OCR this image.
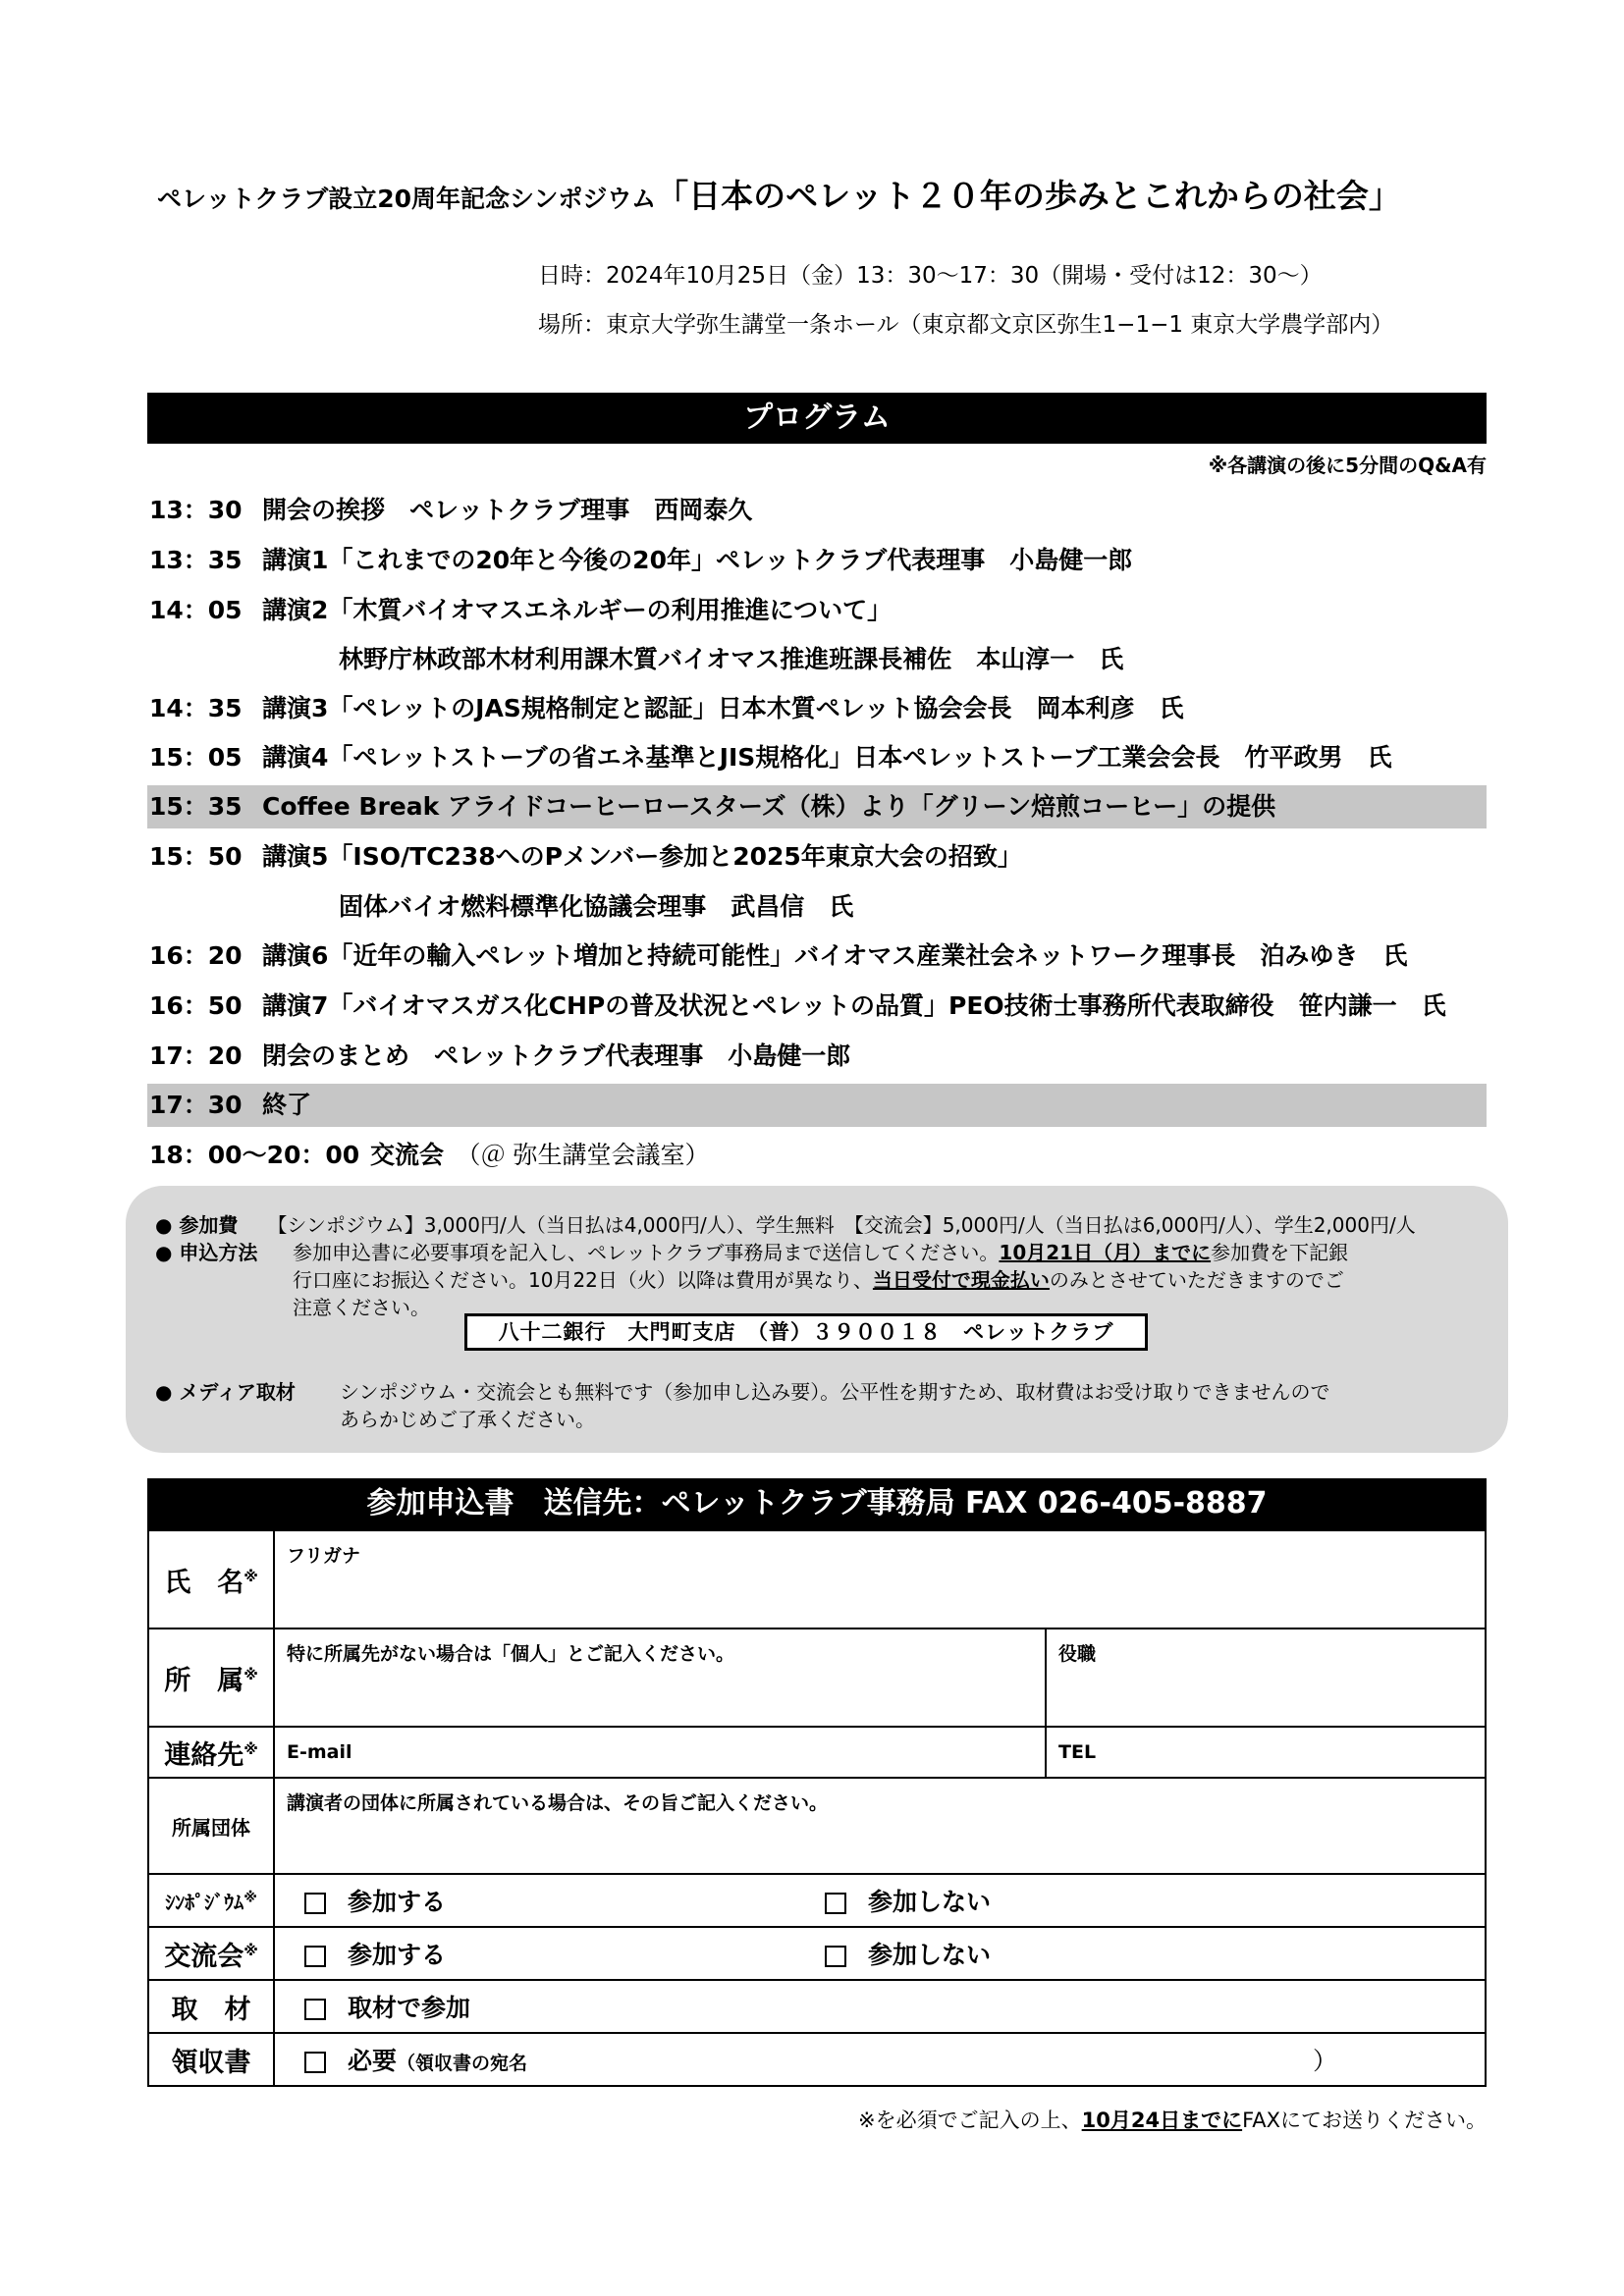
ペレットクラブ設立20周年記念シンポジウム「日本のペレット２０年の歩みとこれからの社会」
日時：2024年10月25日（金）13：30～17：30（開場・受付は12：30～）
場所：東京大学弥生講堂一条ホール（東京都文京区弥生1−1−1 東京大学農学部内）
プログラム
※各講演の後に5分間のQ&A有
13：30 開会の挨拶　ペレットクラブ理事　西岡泰久
13：35 講演1「これまでの20年と今後の20年」ペレットクラブ代表理事　小島健一郎
14：05 講演2「木質バイオマスエネルギーの利用推進について」
林野庁林政部木材利用課木質バイオマス推進班課長補佐　本山淳一　氏
14：35 講演3「ペレットのJAS規格制定と認証」日本木質ペレット協会会長　岡本利彦　氏
15：05 講演4「ペレットストーブの省エネ基準とJIS規格化」日本ペレットストーブ工業会会長　竹平政男　氏
15：35 Coffee Break アライドコーヒーロースターズ（株）より「グリーン焙煎コーヒー」の提供
15：50 講演5「ISO/TC238へのPメンバー参加と2025年東京大会の招致」
固体バイオ燃料標準化協議会理事　武昌信　氏
16：20 講演6「近年の輸入ペレット増加と持続可能性」バイオマス産業社会ネットワーク理事長　泊みゆき　氏
16：50 講演7「バイオマスガス化CHPの普及状況とペレットの品質」PEO技術士事務所代表取締役　笹内謙一　氏
17：20 閉会のまとめ　ペレットクラブ代表理事　小島健一郎
17：30 終了
18：00～20：00 交流会　 （＠ 弥生講堂会議室）
● 参加費　　 【シンポジウム】3,000円/人（当日払は4,000円/人）、学生無料　【交流会】5,000円/人（当日払は6,000円/人）、学生2,000円/人
● 申込方法 参加申込書に必要事項を記入し、ペレットクラブ事務局まで送信してください。10月21日（月）までに参加費を下記銀
行口座にお振込ください。10月22日（火）以降は費用が異なり、当日受付で現金払いのみとさせていただきますのでご
注意ください。
八十二銀行　大門町支店　（普）３９００１８　ペレットクラブ
● メディア取材 シンポジウム・交流会とも無料です（参加申し込み要）。公平性を期すため、取材費はお受け取りできませんので
あらかじめご了承ください。
参加申込書　送信先：ペレットクラブ事務局 FAX 026-405-8887
氏　名※	フリガナ	
所　属※	特に所属先がない場合は「個人」とご記入ください。	役職
連絡先※	E-mail	TEL
所属団体	講演者の団体に所属されている場合は、その旨ご記入ください。	
ｼﾝﾎﾟｼﾞｳﾑ※	参加する 参加しない	
交流会※	参加する 参加しない	
取　材	取材で参加	
領収書	必要（領収書の宛名 ）	
※を必須でご記入の上、10月24日までにFAXにてお送りください。
